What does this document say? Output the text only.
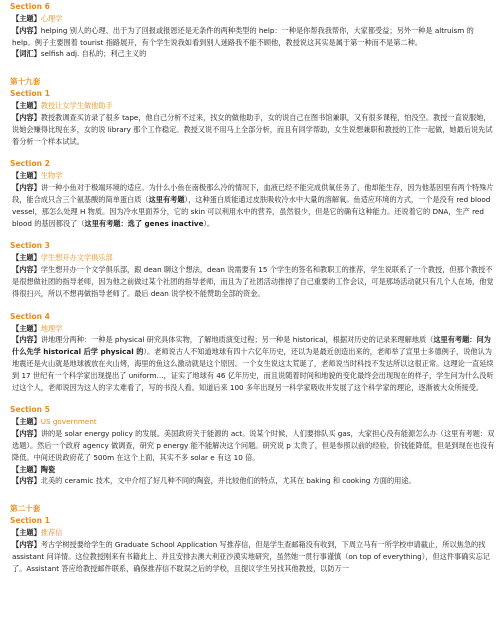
Section 6
【主题】心理学
【内容】helping 别人的心理、出于为了回报或报恩还是无条件的两种类型的 help：一种是你帮我我帮你，大家都受益；另外一种是 altruism 的 help。例子主要围着 tourist 指路展开，有个学生说我如看到别人迷路我不能不顾他，教授说这其实是属于第一种而不是第二种。
【词汇】selfish adj. 自私的；利己主义的
第十九套
Section 1
【主题】教授让女学生做他助手
【内容】教授教调查买访录了很多 tape，他自己分析不过来，找女的做他助手，女的说自己在图书馆兼职，又有很多课程，怕没空。教授一直说服她，说她会赚得比现在多，女的说 library 那个工作稳定。教授又说不用马上全部分析，而且有同学帮助，女生说想兼职和教授的工作一起做，她最后说先试着分析一个样本试试。
Section 2
【主题】生物学
【内容】讲一种小鱼对于极端环境的适应。为什么小鱼在南极那么冷的情况下，血液已经不能完成供氧任务了，他却能生存，因为他基因里有两个特殊片段，能合成只含三个氨基酸的简单蛋白质（这里有考题），这种蛋白质能通过皮肤吸收冷水中大量的溶解氧。鱼适应环境的方式，一个是没有 red blood vessel，那怎么处理 H 物质。因为冷水里面养分，它的 skin 可以利用水中的营养，虽然很少，但是它的确有这种能力。还说着它的 DNA，生产 red blood 的基因都没了（这里有考题：选了 genes inactive）。
Section 3
【主题】学生想开办文学俱乐部
【内容】学生想开办一个文学俱乐部，跟 dean 聊这个想法，dean 说需要有 15 个学生的签名和教职工的推荐，学生说联系了一个教授，但那个教授不是很想做社团的指导老师，因为他之前做过某个社团的指导老师，而且为了社团活动推掉了自己重要的工作会议，可是那场活动就只有几个人在场，他觉得很扫兴，所以不想再做指导老师了。最后 dean 说学校不能赞助全部的资金。
Section 4
【主题】地理学
【内容】讲地理分两种：一种是 physical 研究具体实物，了解地质演变过程；另一种是 historical，根据对历史的记录来理解地质（这里有考题：问为什么先学 historical 后学 physical 的）。老师说古人不知道地球有四十六亿年历史，还以为是最近创造出来的，老师举了宣里士多德例子，说他认为地震还是火山就是地球被放在火山烤，海里的鱼这么激动就是这个原因。一个女生说这太荒诞了，老师说当时科技不发达所以这很正常。这理论一直延续到 17 世纪有一个科学家出现提出了 uniform…，证实了地球有 46 亿年历史，而且说随着时间和地貌的变化最终会出现现在的样子，学生问为什么没听过这个人，老师说因为这人的字太难看了，写的书没人看。知道后来 100 多年出现另一科学家吸收并发展了这个科学家的理论，逐渐被大众所接受。
Section 5
【主题】US government
【内容】讲的是 solar energy policy 的发展。美国政府关于能源的 act。说某个时候，人们要排队买 gas，大家担心没有能源怎么办（这里有考题：双选题）。然后一个政府 agency 做调查，研究 p energy 能不能解决这个问题。研究说 p 太贵了，但是参照以前的经验，价钱能降低，但是到现在也没有降低。中间还说政府花了 500m 在这个上面，其实不多 solar e 有这 10 倍。
【主题】陶瓷
【内容】北美的 ceramic 技术，文中介绍了好几种不同的陶瓷，并比较他们的特点，尤其在 baking 和 cooking 方面的用途。
第二十套
Section 1
【主题】推荐信
【内容】考古学树授要给学生的 Graduate School Application 写推荐信，但是学生查邮箱没有收到，下周立马有一所学校申请截止，所以焦急的找 assistant 问详情。这位教授刚来有书籍此上、并且安排去澳大利亚沙漠实地研究，虽然她一贯行事谨慎（on top of everything），但这件事确实忘记了。Assistant 答应给教授邮件联系，确保推荐信不耽误之后的学校，且提议学生另找其他教授，以防万一
